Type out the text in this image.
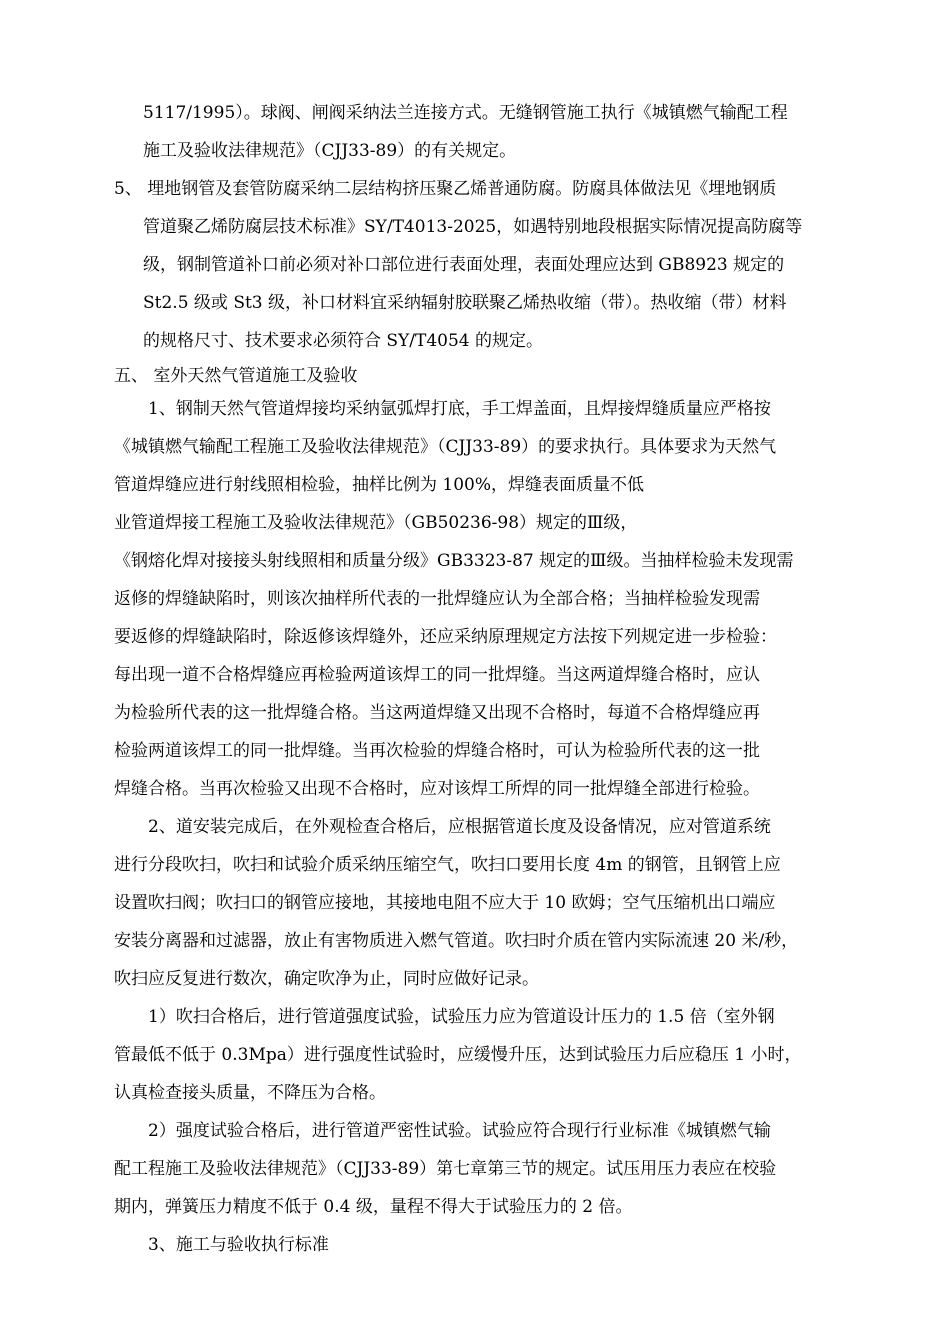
5117/1995）。球阀、闸阀采纳法兰连接方式。无缝钢管施工执行《城镇燃气输配工程
施工及验收法律规范》（CJJ33-89）的有关规定。
5、 埋地钢管及套管防腐采纳二层结构挤压聚乙烯普通防腐。防腐具体做法见《埋地钢质
管道聚乙烯防腐层技术标准》SY/T4013-2025，如遇特别地段根据实际情况提高防腐等
级，钢制管道补口前必须对补口部位进行表面处理，表面处理应达到 GB8923 规定的
St2.5 级或 St3 级，补口材料宜采纳辐射胶联聚乙烯热收缩（带）。热收缩（带）材料
的规格尺寸、技术要求必须符合 SY/T4054 的规定。
五、 室外天然气管道施工及验收
1、钢制天然气管道焊接均采纳氩弧焊打底，手工焊盖面，且焊接焊缝质量应严格按
《城镇燃气输配工程施工及验收法律规范》（CJJ33-89）的要求执行。具体要求为天然气
管道焊缝应进行射线照相检验，抽样比例为 100%，焊缝表面质量不低
业管道焊接工程施工及验收法律规范》（GB50236-98）规定的Ⅲ级，
《钢熔化焊对接接头射线照相和质量分级》GB3323-87 规定的Ⅲ级。当抽样检验未发现需
返修的焊缝缺陷时，则该次抽样所代表的一批焊缝应认为全部合格；当抽样检验发现需
要返修的焊缝缺陷时，除返修该焊缝外，还应采纳原理规定方法按下列规定进一步检验：
每出现一道不合格焊缝应再检验两道该焊工的同一批焊缝。当这两道焊缝合格时，应认
为检验所代表的这一批焊缝合格。当这两道焊缝又出现不合格时，每道不合格焊缝应再
检验两道该焊工的同一批焊缝。当再次检验的焊缝合格时，可认为检验所代表的这一批
焊缝合格。当再次检验又出现不合格时，应对该焊工所焊的同一批焊缝全部进行检验。
2、道安装完成后，在外观检查合格后，应根据管道长度及设备情况，应对管道系统
进行分段吹扫，吹扫和试验介质采纳压缩空气，吹扫口要用长度 4m 的钢管，且钢管上应
设置吹扫阀；吹扫口的钢管应接地，其接地电阻不应大于 10 欧姆；空气压缩机出口端应
安装分离器和过滤器，放止有害物质进入燃气管道。吹扫时介质在管内实际流速 20 米/秒，
吹扫应反复进行数次，确定吹净为止，同时应做好记录。
1）吹扫合格后，进行管道强度试验，试验压力应为管道设计压力的 1.5 倍（室外钢
管最低不低于 0.3Mpa）进行强度性试验时，应缓慢升压，达到试验压力后应稳压 1 小时，
认真检查接头质量，不降压为合格。
2）强度试验合格后，进行管道严密性试验。试验应符合现行行业标准《城镇燃气输
配工程施工及验收法律规范》（CJJ33-89）第七章第三节的规定。试压用压力表应在校验
期内，弹簧压力精度不低于 0.4 级，量程不得大于试验压力的 2 倍。
3、施工与验收执行标准
